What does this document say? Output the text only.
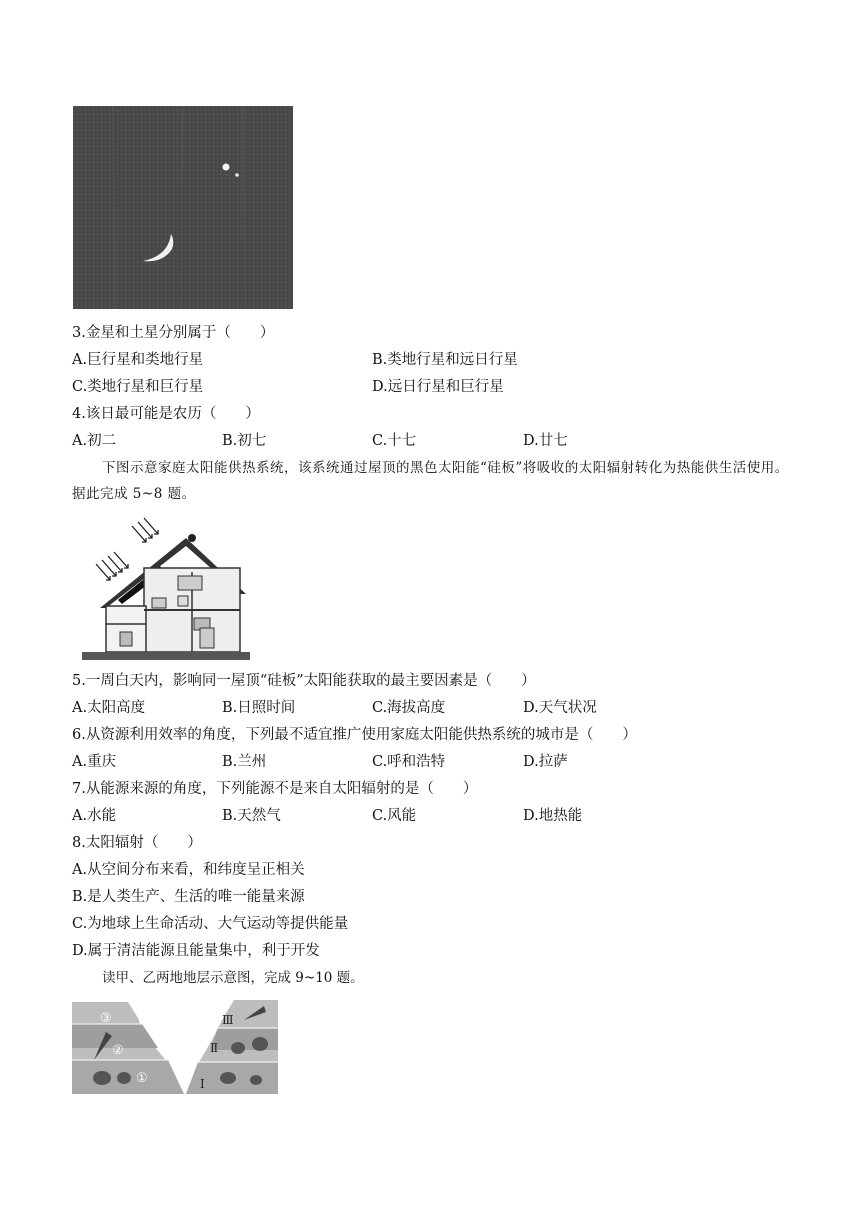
3.金星和土星分别属于（　　）
A.巨行星和类地行星	B.类地行星和远日行星
C.类地行星和巨行星	D.远日行星和巨行星
4.该日最可能是农历（　　）
A.初二	B.初七	C.十七	D.廿七
下图示意家庭太阳能供热系统，该系统通过屋顶的黑色太阳能“硅板”将吸收的太阳辐射转化为热能供生活使用。据此完成 5~8 题。
5.一周白天内，影响同一屋顶“硅板”太阳能获取的最主要因素是（　　）
A.太阳高度	B.日照时间	C.海拔高度	D.天气状况
6.从资源利用效率的角度，下列最不适宜推广使用家庭太阳能供热系统的城市是（　　）
A.重庆	B.兰州	C.呼和浩特	D.拉萨
7.从能源来源的角度，下列能源不是来自太阳辐射的是（　　）
A.水能	B.天然气	C.风能	D.地热能
8.太阳辐射（　　）
A.从空间分布来看，和纬度呈正相关
B.是人类生产、生活的唯一能量来源
C.为地球上生命活动、大气运动等提供能量
D.属于清洁能源且能量集中，利于开发
读甲、乙两地地层示意图，完成 9~10 题。
③
②
①
Ⅲ
Ⅱ
Ⅰ
